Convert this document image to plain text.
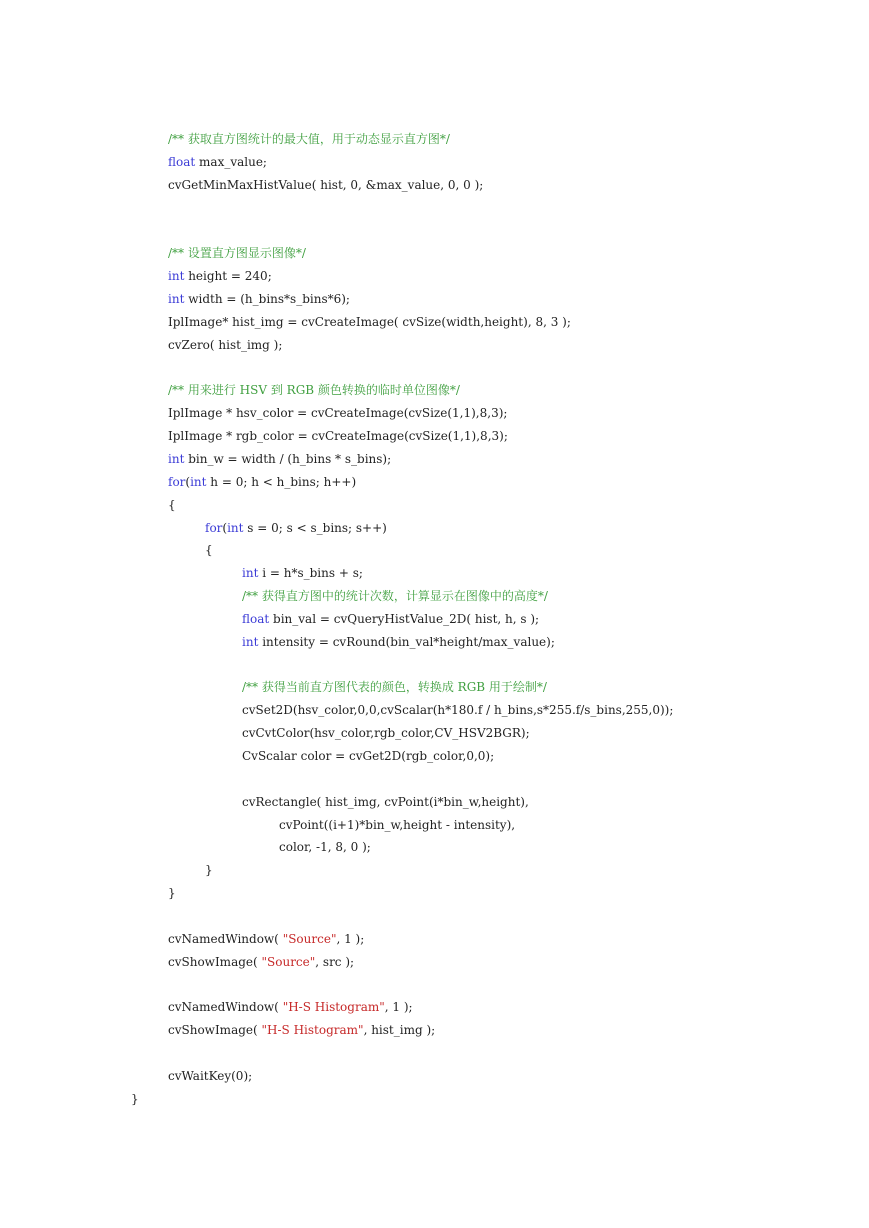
/** 获取直方图统计的最大值，用于动态显示直方图*/
float max_value;
cvGetMinMaxHistValue( hist, 0, &max_value, 0, 0 );
/** 设置直方图显示图像*/
int height = 240;
int width = (h_bins*s_bins*6);
IplImage* hist_img = cvCreateImage( cvSize(width,height), 8, 3 );
cvZero( hist_img );
/** 用来进行 HSV 到 RGB 颜色转换的临时单位图像*/
IplImage * hsv_color = cvCreateImage(cvSize(1,1),8,3);
IplImage * rgb_color = cvCreateImage(cvSize(1,1),8,3);
int bin_w = width / (h_bins * s_bins);
for(int h = 0; h < h_bins; h++)
{
for(int s = 0; s < s_bins; s++)
{
int i = h*s_bins + s;
/** 获得直方图中的统计次数，计算显示在图像中的高度*/
float bin_val = cvQueryHistValue_2D( hist, h, s );
int intensity = cvRound(bin_val*height/max_value);
/** 获得当前直方图代表的颜色，转换成 RGB 用于绘制*/
cvSet2D(hsv_color,0,0,cvScalar(h*180.f / h_bins,s*255.f/s_bins,255,0));
cvCvtColor(hsv_color,rgb_color,CV_HSV2BGR);
CvScalar color = cvGet2D(rgb_color,0,0);
cvRectangle( hist_img, cvPoint(i*bin_w,height),
cvPoint((i+1)*bin_w,height - intensity),
color, -1, 8, 0 );
}
}
cvNamedWindow( "Source", 1 );
cvShowImage( "Source", src );
cvNamedWindow( "H-S Histogram", 1 );
cvShowImage( "H-S Histogram", hist_img );
cvWaitKey(0);
}
